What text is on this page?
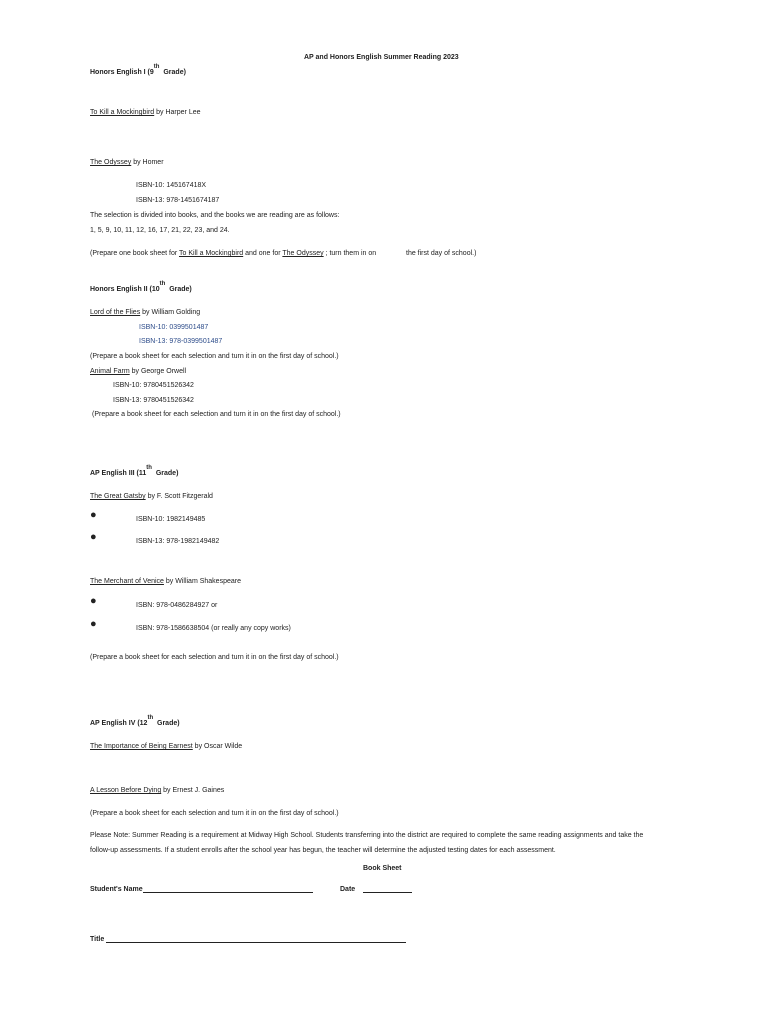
AP and Honors English Summer Reading 2023
Honors English I (9th  Grade)
To Kill a Mockingbird by Harper Lee
The Odyssey by Homer
ISBN-10: 145167418X
ISBN-13: 978-1451674187
The selection is divided into books, and the books we are reading are as follows:
1, 5, 9, 10, 11, 12, 16, 17, 21, 22, 23, and 24.
(Prepare one book sheet for To Kill a Mockingbird and one for The Odyssey ; turn them in on	the first day of school.)
Honors English II (10th  Grade)
Lord of the Flies by William Golding
ISBN-10: 0399501487
ISBN-13: 978-0399501487
(Prepare a book sheet for each selection and turn it in on the first day of school.)
Animal Farm by George Orwell
ISBN-10: 9780451526342
ISBN-13: 9780451526342
(Prepare a book sheet for each selection and turn it in on the first day of school.)
AP English III (11th  Grade)
The Great Gatsby by F. Scott Fitzgerald
●	ISBN-10: 1982149485
●	ISBN-13: 978-1982149482
The Merchant of Venice by William Shakespeare
●	ISBN: 978-0486284927 or
●	ISBN: 978-1586638504 (or really any copy works)
(Prepare a book sheet for each selection and turn it in on the first day of school.)
AP English IV (12th  Grade)
The Importance of Being Earnest by Oscar Wilde
A Lesson Before Dying by Ernest J. Gaines
(Prepare a book sheet for each selection and turn it in on the first day of school.)
Please Note: Summer Reading is a requirement at Midway High School. Students transferring into the district are required to complete the same reading assignments and take the
follow-up assessments. If a student enrolls after the school year has begun, the teacher will determine the adjusted testing dates for each assessment.
Book Sheet
Student's Name	Date
Title
